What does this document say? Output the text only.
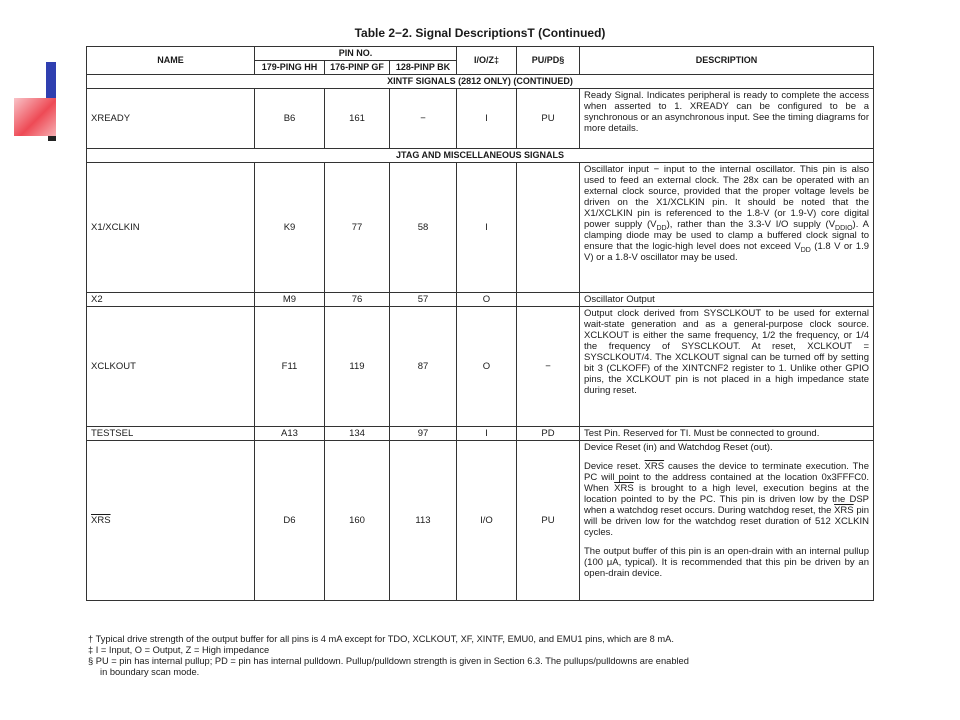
Table 2−2. Signal DescriptionsT (Continued)
NAME	PIN NO.			I/O/Z‡	PU/PD§	DESCRIPTION
	179-PING HH	176-PINP GF	128-PINP BK			
XINTF SIGNALS (2812 ONLY) (CONTINUED)						
XREADY	B6	161	−	I	PU	Ready Signal. Indicates peripheral is ready to complete the access when asserted to 1. XREADY can be configured to be a synchronous or an asynchronous input. See the timing diagrams for more details.
JTAG AND MISCELLANEOUS SIGNALS						
X1/XCLKIN	K9	77	58	I		Oscillator input − input to the internal oscillator. This pin is also used to feed an external clock. The 28x can be operated with an external clock source, provided that the proper voltage levels be driven on the X1/XCLKIN pin. It should be noted that the X1/XCLKIN pin is referenced to the 1.8-V (or 1.9-V) core digital power supply $(V_{DD})$, rather than the 3.3-V I/O supply $(V_{DDIO})$. A clamping diode may be used to clamp a buffered clock signal to ensure that the logic-high level does not exceed $V_{DD}$ (1.8 V or 1.9 V) or a 1.8-V oscillator may be used.
X2	M9	76	57	O		Oscillator Output
XCLKOUT	F11	119	87	O	−	Output clock derived from SYSCLKOUT to be used for external wait-state generation and as a general-purpose clock source. XCLKOUT is either the same frequency, 1/2 the frequency, or 1/4 the frequency of SYSCLKOUT. At reset, XCLKOUT = SYSCLKOUT/4. The XCLKOUT signal can be turned off by setting bit 3 (CLKOFF) of the XINTCNF2 register to 1. Unlike other GPIO pins, the XCLKOUT pin is not placed in a high impedance state during reset.
TESTSEL	A13	134	97	I	PD	Test Pin. Reserved for TI. Must be connected to ground.
$\overline{XRS}$	D6	160	113	I/O	PU	Device Reset (in) and Watchdog Reset (out).

Device reset. $\overline{XRS}$ causes the device to terminate execution. The PC will point to the address contained at the location 0x3FFFC0. When $\overline{XRS}$ is brought to a high level, execution begins at the location pointed to by the PC. This pin is driven low by the DSP when a watchdog reset occurs. During watchdog reset, the $\overline{XRS}$ pin will be driven low for the watchdog reset duration of 512 XCLKIN cycles.

The output buffer of this pin is an open-drain with an internal pullup (100 μA, typical). It is recommended that this pin be driven by an open-drain device.

† Typical drive strength of the output buffer for all pins is 4 mA except for TDO, XCLKOUT, XF, XINTF, EMU0, and EMU1 pins, which are 8 mA.
‡ I = Input, O = Output, Z = High impedance
§ PU = pin has internal pullup; PD = pin has internal pulldown. Pullup/pulldown strength is given in Section 6.3. The pullups/pulldowns are enabled
in boundary scan mode.
